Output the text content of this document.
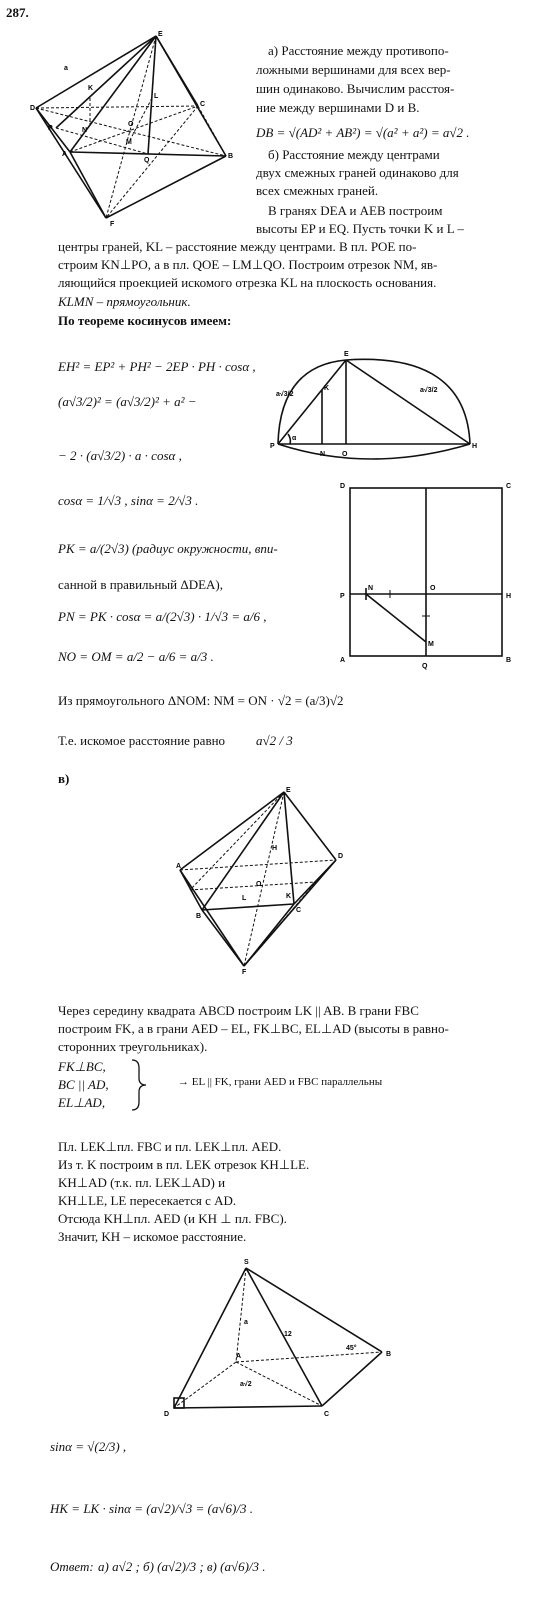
287.
E
D
C
A	B
P
Q
K
L
N
O
M
F
a
а) Расстояние между противопо-
ложными вершинами для всех вер-
шин одинаково. Вычислим расстоя-
ние между вершинами D и B.
DB = √(AD² + AB²) = √(a² + a²) = a√2 .
б) Расстояние между центрами
двух смежных граней одинаково для
всех смежных граней.
В гранях DEA и AEB построим
высоты EP и EQ. Пусть точки K и L –
центры граней, KL – расстояние между центрами. В пл. POE по-
строим KN⊥PO, а в пл. QOE – LM⊥QO. Построим отрезок NM, яв-
ляющийся проекцией искомого отрезка KL на плоскость основания.
KLMN – прямоугольник.
По теореме косинусов имеем:
EH² = EP² + PH² − 2EP · PH · cosα ,
(a√3/2)² = (a√3/2)² + a² −
− 2 · (a√3/2) · a · cosα ,
cosα = 1/√3 , sinα = 2/√3 .
PK = a/(2√3) (радиус окружности, впи-
санной в правильный ΔDEA),
PN = PK · cosα = a/(2√3) · 1/√3 = a/6 ,
NO = OM = a/2 − a/6 = a/3 .
Из прямоугольного ΔNOM: NM = ON · √2 = (a/3)√2
Т.е. искомое расстояние равно a√2 / 3
E
K
P
N O
H
α
a√3/2
a√3/2
D	C
P
N	O
H
M
A
Q
B
в)
E
A
D
B
C
F
H
O
L	K
Через середину квадрата ABCD построим LK || AB. В грани FBC
построим FK, а в грани AED – EL, FK⊥BC, EL⊥AD (высоты в равно-
сторонних треугольниках).
FK⊥BC,
BC || AD,
EL⊥AD,
→ EL || FK, грани AED и FBC параллельны
Пл. LEK⊥пл. FBC и пл. LEK⊥пл. AED.
Из т. K построим в пл. LEK отрезок KH⊥LE.
KH⊥AD (т.к. пл. LEK⊥AD) и
KH⊥LE, LE пересекается с AD.
Отсюда KH⊥пл. AED (и KH ⊥ пл. FBC).
Значит, KH – искомое расстояние.
S
A	B
C
D
12
45°
a
a√2
sinα = √(2/3) ,
HK = LK · sinα = (a√2)/√3 = (a√6)/3 .
Ответ: а) a√2 ; б) (a√2)/3 ; в) (a√6)/3 .
